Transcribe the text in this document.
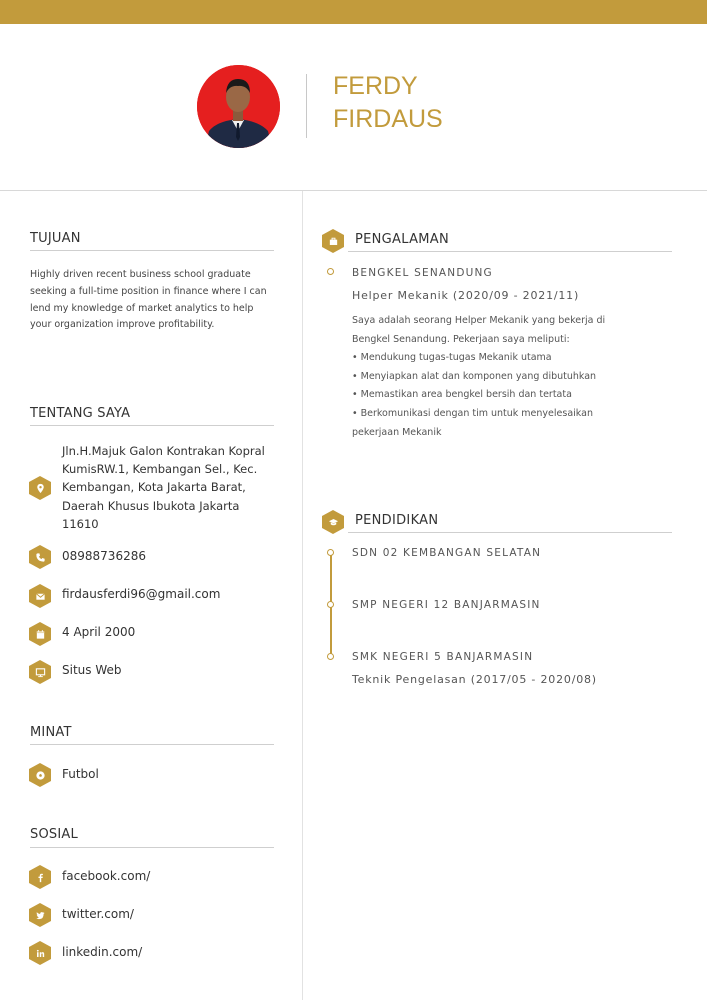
FERDY
FIRDAUS
TUJUAN
Highly driven recent business school graduate seeking a full-time position in finance where I can lend my knowledge of market analytics to help your organization improve profitability.
TENTANG SAYA
Jln.H.Majuk Galon Kontrakan Kopral KumisRW.1, Kembangan Sel., Kec. Kembangan, Kota Jakarta Barat, Daerah Khusus Ibukota Jakarta 11610
08988736286
firdausferdi96@gmail.com
4 April 2000
Situs Web
MINAT
Futbol
SOSIAL
facebook.com/
twitter.com/
linkedin.com/
PENGALAMAN
BENGKEL SENANDUNG
Helper Mekanik (2020/09 - 2021/11)
Saya adalah seorang Helper Mekanik yang bekerja di
Bengkel Senandung. Pekerjaan saya meliputi:
• Mendukung tugas-tugas Mekanik utama
• Menyiapkan alat dan komponen yang dibutuhkan
• Memastikan area bengkel bersih dan tertata
• Berkomunikasi dengan tim untuk menyelesaikan
pekerjaan Mekanik
PENDIDIKAN
SDN 02 KEMBANGAN SELATAN
SMP NEGERI 12 BANJARMASIN
SMK NEGERI 5 BANJARMASIN
Teknik Pengelasan (2017/05 - 2020/08)
